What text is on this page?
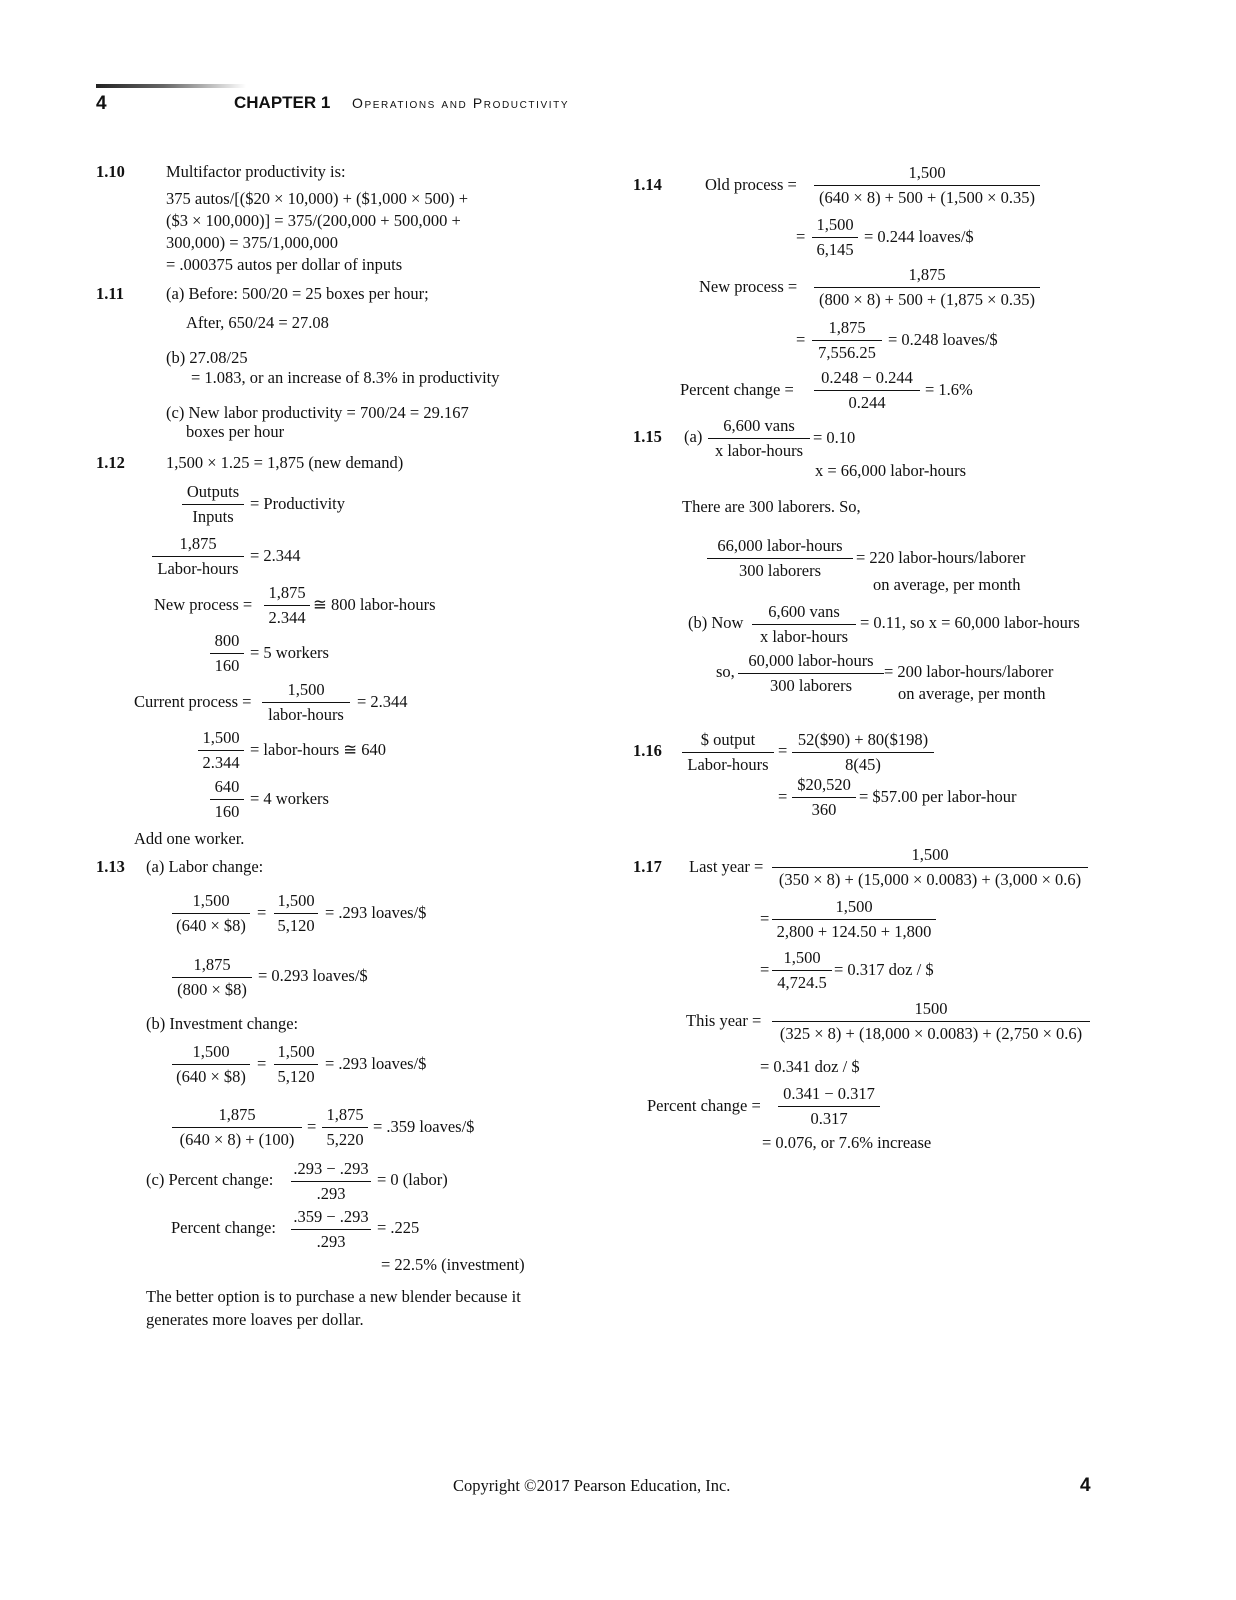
4	CHAPTER 1 Operations and Productivity
1.10 Multifactor productivity is:
375 autos/[($20 × 10,000) + ($1,000 × 500) +
($3 × 100,000)] = 375/(200,000 + 500,000 +
300,000) = 375/1,000,000
= .000375 autos per dollar of inputs
1.11	(a) Before: 500/20 = 25 boxes per hour;
After, 650/24 = 27.08
(b) 27.08/25
= 1.083, or an increase of 8.3% in productivity
(c) New labor productivity = 700/24 = 29.167
boxes per hour
1.12 1,500 × 1.25 = 1,875 (new demand)
Outputs
Inputs
= Productivity
1,875
Labor-hours
= 2.344
New process =
1,875
2.344
≅ 800 labor-hours
800
160
= 5 workers
Current process =
1,500
labor-hours
= 2.344
1,500
2.344
= labor-hours ≅ 640
640
160
= 4 workers
Add one worker.
1.13 (a) Labor change:
1,500
(640 × $8)
=
1,500
5,120
= .293 loaves/$
1,875
(800 × $8)
= 0.293 loaves/$
(b) Investment change:
1,500
(640 × $8)
=
1,500
5,120
= .293 loaves/$
1,875
(640 × 8) + (100)
=
1,875
5,220
= .359 loaves/$
(c) Percent change:
.293 − .293
.293
= 0 (labor)
Percent change:
.359 − .293
.293
= .225
= 22.5% (investment)
The better option is to purchase a new blender because it
generates more loaves per dollar.
1.14	Old process =
1,500
(640 × 8) + 500 + (1,500 × 0.35)
=
1,500
6,145
= 0.244 loaves/$
New process =
1,875
(800 × 8) + 500 + (1,875 × 0.35)
=
1,875
7,556.25
= 0.248 loaves/$
Percent change =
0.248 − 0.244
0.244
= 1.6%
1.15 (a)
6,600 vans
x labor-hours
= 0.10
x = 66,000 labor-hours
There are 300 laborers. So,
66,000 labor-hours
300 laborers
= 220 labor-hours/laborer
on average, per month
(b) Now
6,600 vans
x labor-hours
= 0.11, so x = 60,000 labor-hours
so,
60,000 labor-hours
300 laborers
= 200 labor-hours/laborer
on average, per month
1.16
$ output
Labor-hours
=
52($90) + 80($198)
8(45)
=
$20,520
360
= $57.00 per labor-hour
1.17 Last year =
1,500
(350 × 8) + (15,000 × 0.0083) + (3,000 × 0.6)
=
1,500
2,800 + 124.50 + 1,800
=
1,500
4,724.5
= 0.317 doz / $
This year =
1500
(325 × 8) + (18,000 × 0.0083) + (2,750 × 0.6)
= 0.341 doz / $
Percent change =
0.341 − 0.317
0.317
= 0.076, or 7.6% increase
Copyright ©2017 Pearson Education, Inc.	4
